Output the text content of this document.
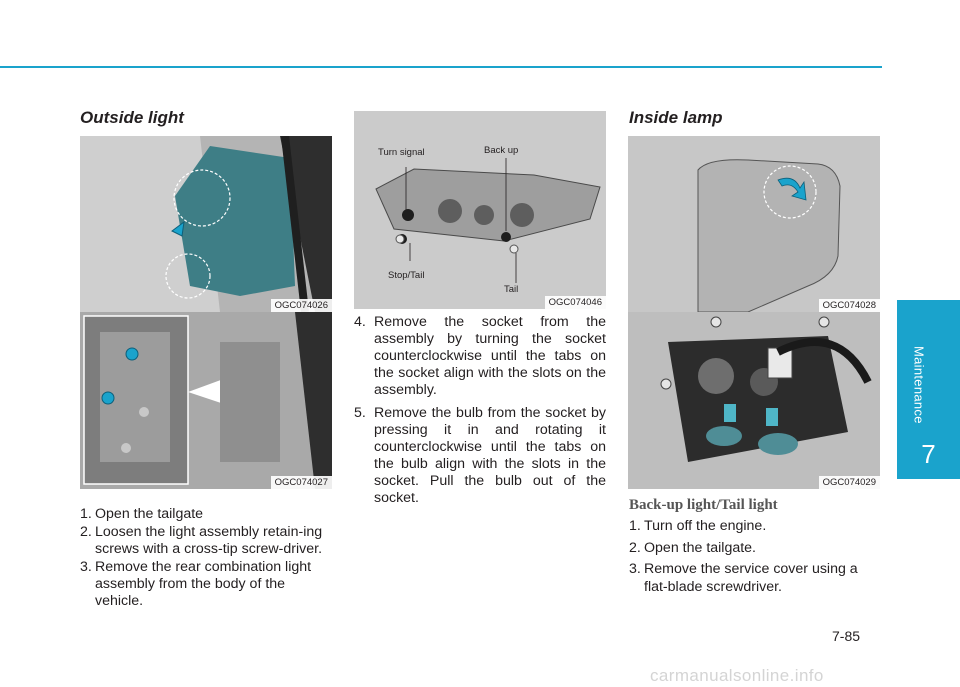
Outside light
OGC074026
OGC074027
1. Open the tailgate
2. Loosen the light assembly retain-ing screws with a cross-tip screw-driver.
3. Remove the rear combination light assembly from the body of the vehicle.
Turn signal	Back up
Stop/Tail
Tail
OGC074046
4. Remove the socket from the assembly by turning the socket counterclockwise until the tabs on the socket align with the slots on the assembly.
5. Remove the bulb from the socket by pressing it in and rotating it counterclockwise until the tabs on the bulb align with the slots in the socket. Pull the bulb out of the socket.
Inside lamp
OGC074028
OGC074029
Back-up light/Tail light
1. Turn off the engine.
2. Open the tailgate.
3. Remove the service cover using a flat-blade screwdriver.
Maintenance
7
7-85
carmanualsonline.info
